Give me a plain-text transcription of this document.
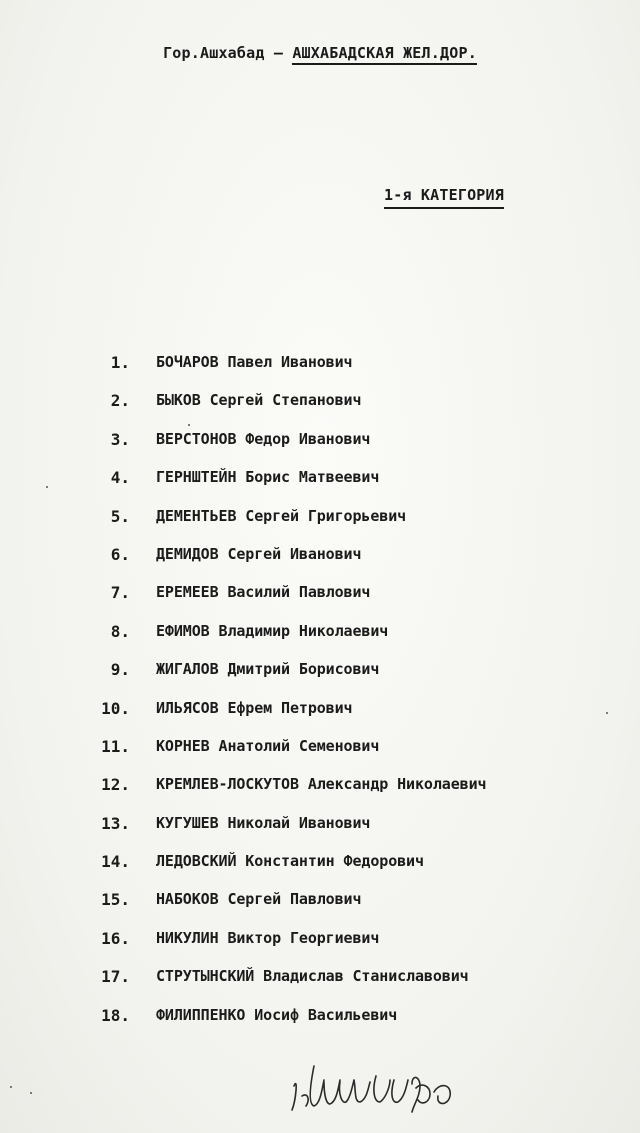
Гор.Ашхабад – АШХАБАДСКАЯ ЖЕЛ.ДОР.
1-я КАТЕГОРИЯ
1. БОЧАРОВ Павел Иванович
2. БЫКОВ Сергей Степанович
3. ВЕРСТОНОВ Федор Иванович
4. ГЕРНШТЕЙН Борис Матвеевич
5. ДЕМЕНТЬЕВ Сергей Григорьевич
6. ДЕМИДОВ Сергей Иванович
7. ЕРЕМЕЕВ Василий Павлович
8. ЕФИМОВ Владимир Николаевич
9. ЖИГАЛОВ Дмитрий Борисович
10. ИЛЬЯСОВ Ефрем Петрович
11. КОРНЕВ Анатолий Семенович
12. КРЕМЛЕВ-ЛОСКУТОВ Александр Николаевич
13. КУГУШЕВ Николай Иванович
14. ЛЕДОВСКИЙ Константин Федорович
15. НАБОКОВ Сергей Павлович
16. НИКУЛИН Виктор Георгиевич
17. СТРУТЫНСКИЙ Владислав Станиславович
18. ФИЛИППЕНКО Иосиф Васильевич
